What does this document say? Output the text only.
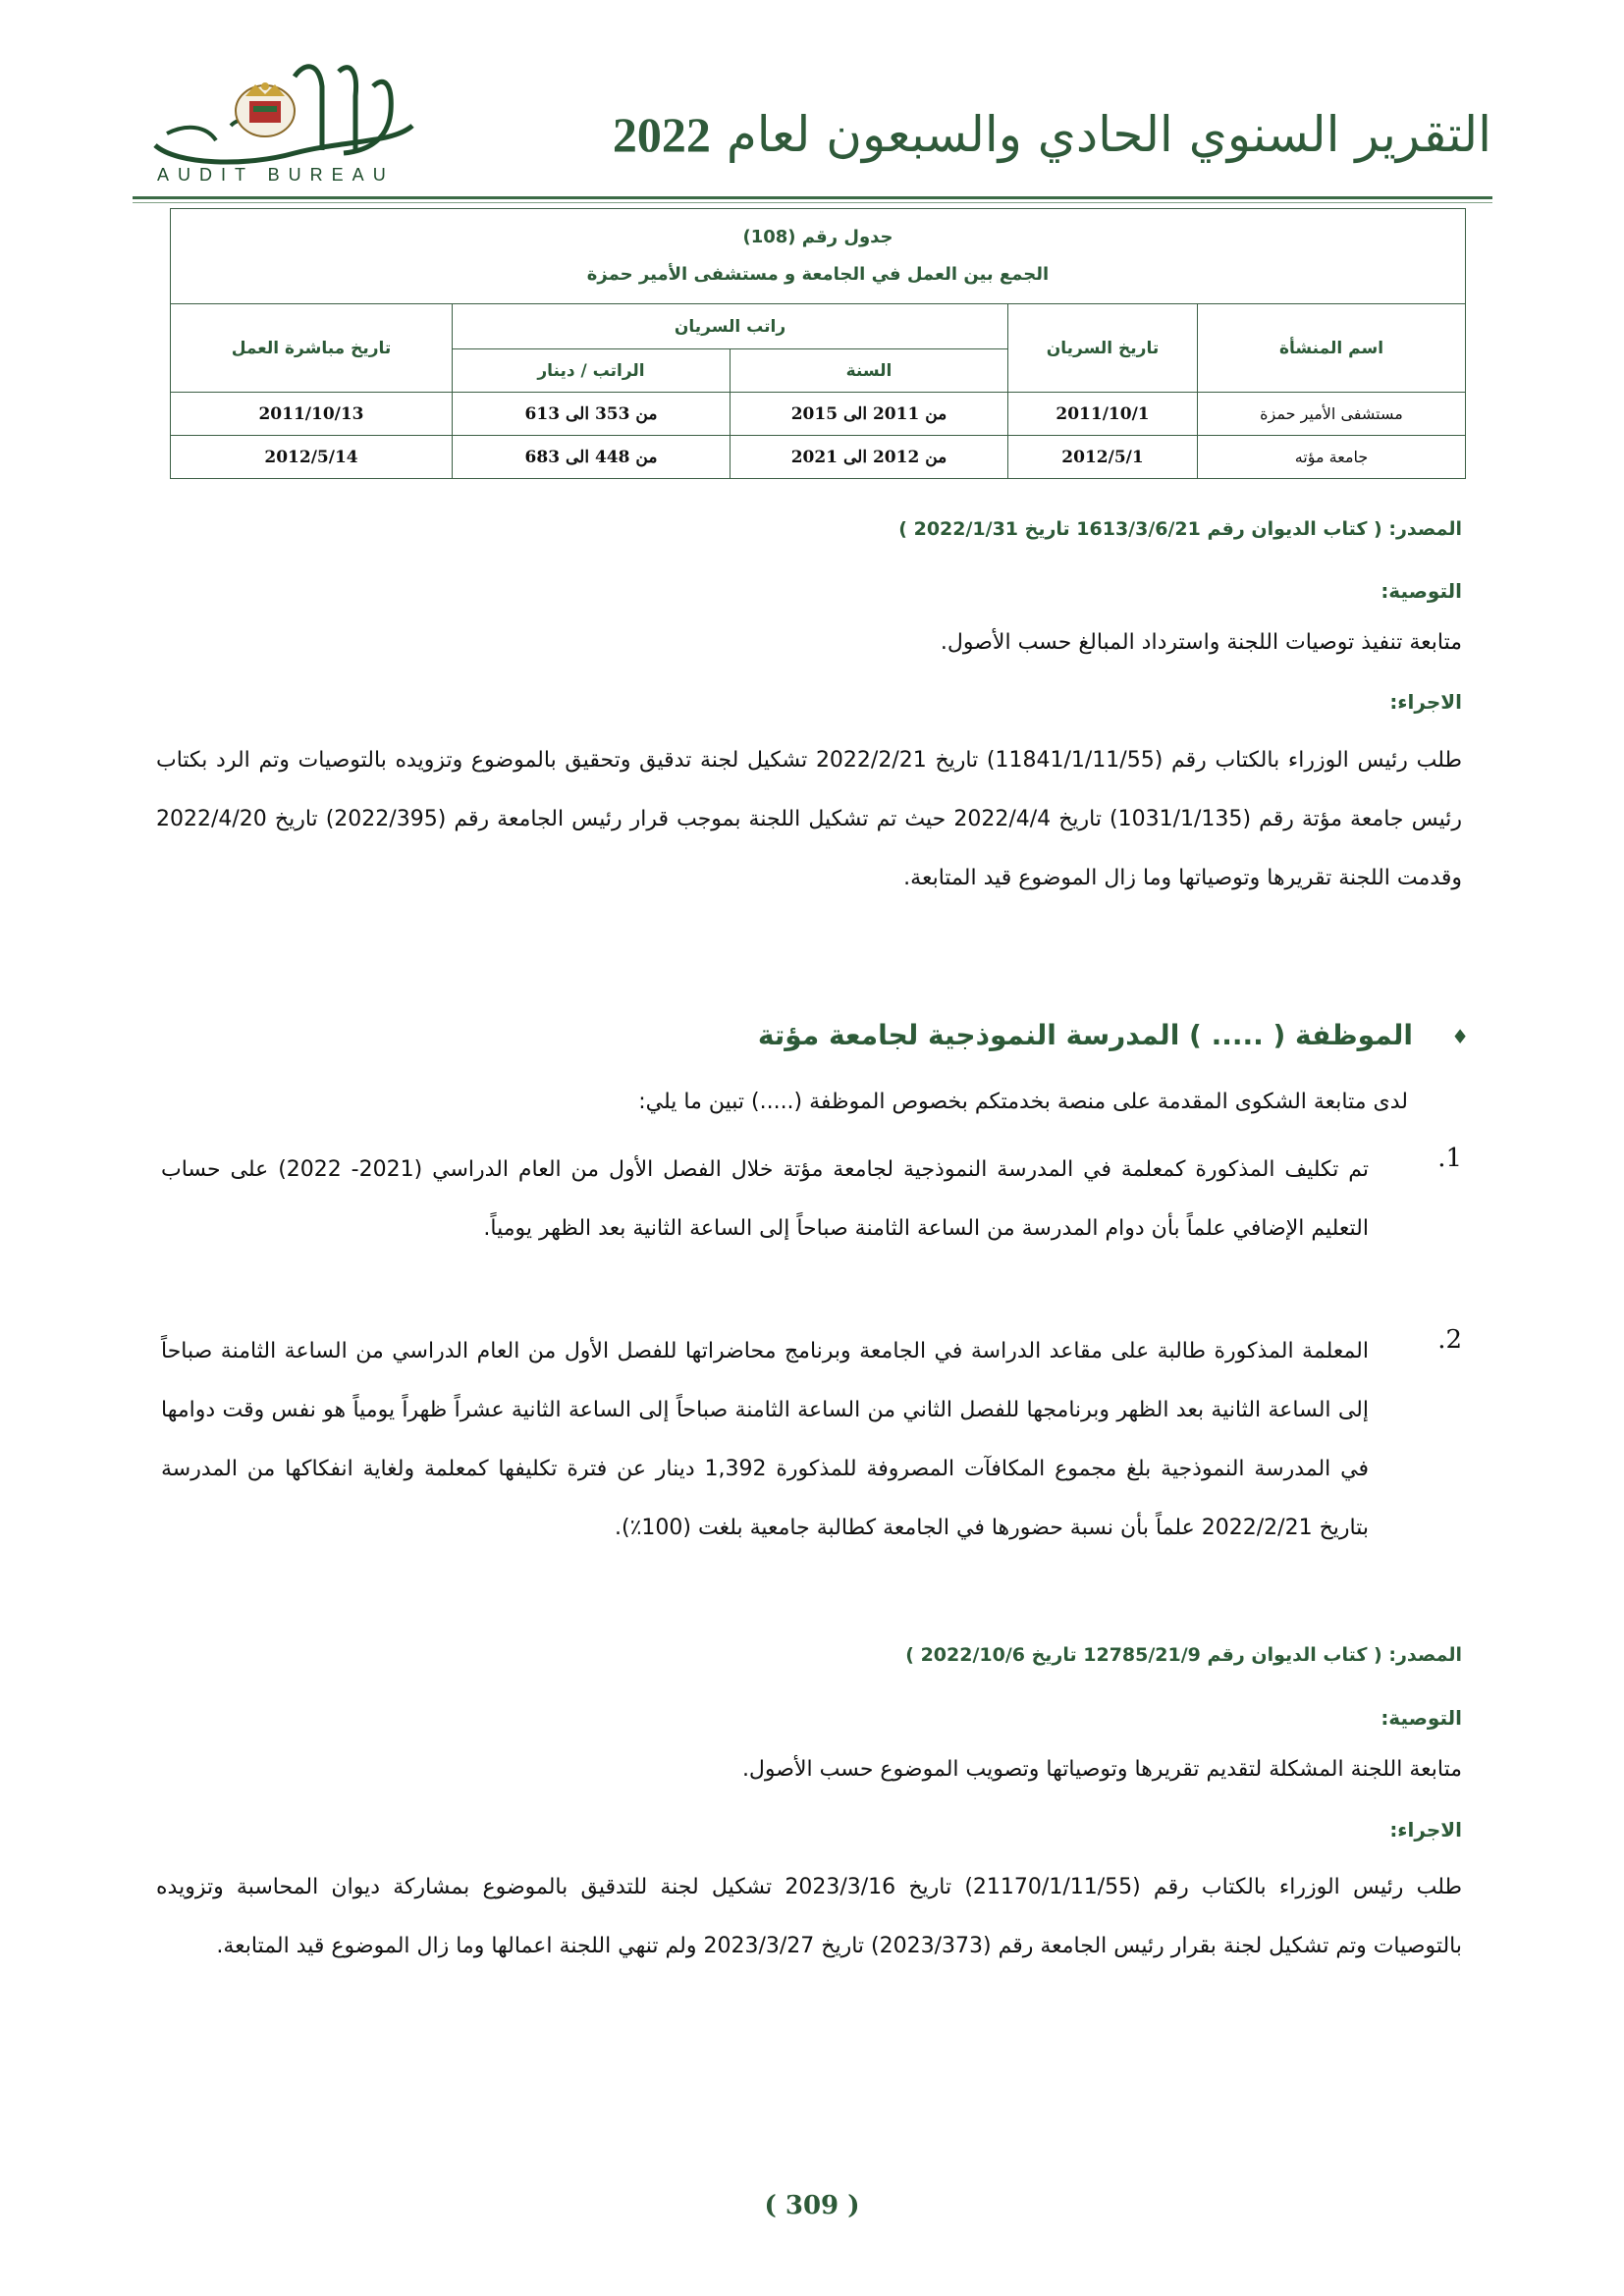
التقرير السنوي الحادي والسبعون لعام 2022
AUDIT BUREAU
جدول رقم (108)
الجمع بين العمل في الجامعة و مستشفى الأمير حمزة				

اسم المنشأة	تاريخ السريان	راتب السريان		تاريخ مباشرة العمل
		السنة	الراتب / دينار	
مستشفى الأمير حمزة	2011/10/1	من 2011 الى 2015	من 353 الى 613	2011/10/13
جامعة مؤته	2012/5/1	من 2012 الى 2021	من 448 الى 683	2012/5/14
المصدر: ( كتاب الديوان رقم 1613/3/6/21 تاريخ 2022/1/31 )
التوصية:
متابعة تنفيذ توصيات اللجنة واسترداد المبالغ حسب الأصول.
الاجراء:
طلب رئيس الوزراء بالكتاب رقم (11841/1/11/55) تاريخ 2022/2/21 تشكيل لجنة تدقيق وتحقيق بالموضوع وتزويده بالتوصيات وتم الرد بكتاب رئيس جامعة مؤتة رقم (1031/1/135) تاريخ 2022/4/4 حيث تم تشكيل اللجنة بموجب قرار رئيس الجامعة رقم (2022/395) تاريخ 2022/4/20 وقدمت اللجنة تقريرها وتوصياتها وما زال الموضوع قيد المتابعة.
♦
الموظفة ( ..... ) المدرسة النموذجية لجامعة مؤتة
لدى متابعة الشكوى المقدمة على منصة بخدمتكم بخصوص الموظفة (.....) تبين ما يلي:
1.
تم تكليف المذكورة كمعلمة في المدرسة النموذجية لجامعة مؤتة خلال الفصل الأول من العام الدراسي (2021- 2022) على حساب التعليم الإضافي علماً بأن دوام المدرسة من الساعة الثامنة صباحاً إلى الساعة الثانية بعد الظهر يومياً.
2.
المعلمة المذكورة طالبة على مقاعد الدراسة في الجامعة وبرنامج محاضراتها للفصل الأول من العام الدراسي من الساعة الثامنة صباحاً إلى الساعة الثانية بعد الظهر وبرنامجها للفصل الثاني من الساعة الثامنة صباحاً إلى الساعة الثانية عشراً ظهراً يومياً هو نفس وقت دوامها في المدرسة النموذجية بلغ مجموع المكافآت المصروفة للمذكورة 1,392 دينار عن فترة تكليفها كمعلمة ولغاية انفكاكها من المدرسة بتاريخ 2022/2/21 علماً بأن نسبة حضورها في الجامعة كطالبة جامعية بلغت (100٪).
المصدر: ( كتاب الديوان رقم 12785/21/9 تاريخ 2022/10/6 )
التوصية:
متابعة اللجنة المشكلة لتقديم تقريرها وتوصياتها وتصويب الموضوع حسب الأصول.
الاجراء:
طلب رئيس الوزراء بالكتاب رقم (21170/1/11/55) تاريخ 2023/3/16 تشكيل لجنة للتدقيق بالموضوع بمشاركة ديوان المحاسبة وتزويده بالتوصيات وتم تشكيل لجنة بقرار رئيس الجامعة رقم (2023/373) تاريخ 2023/3/27 ولم تنهي اللجنة اعمالها وما زال الموضوع قيد المتابعة.
( 309 )
